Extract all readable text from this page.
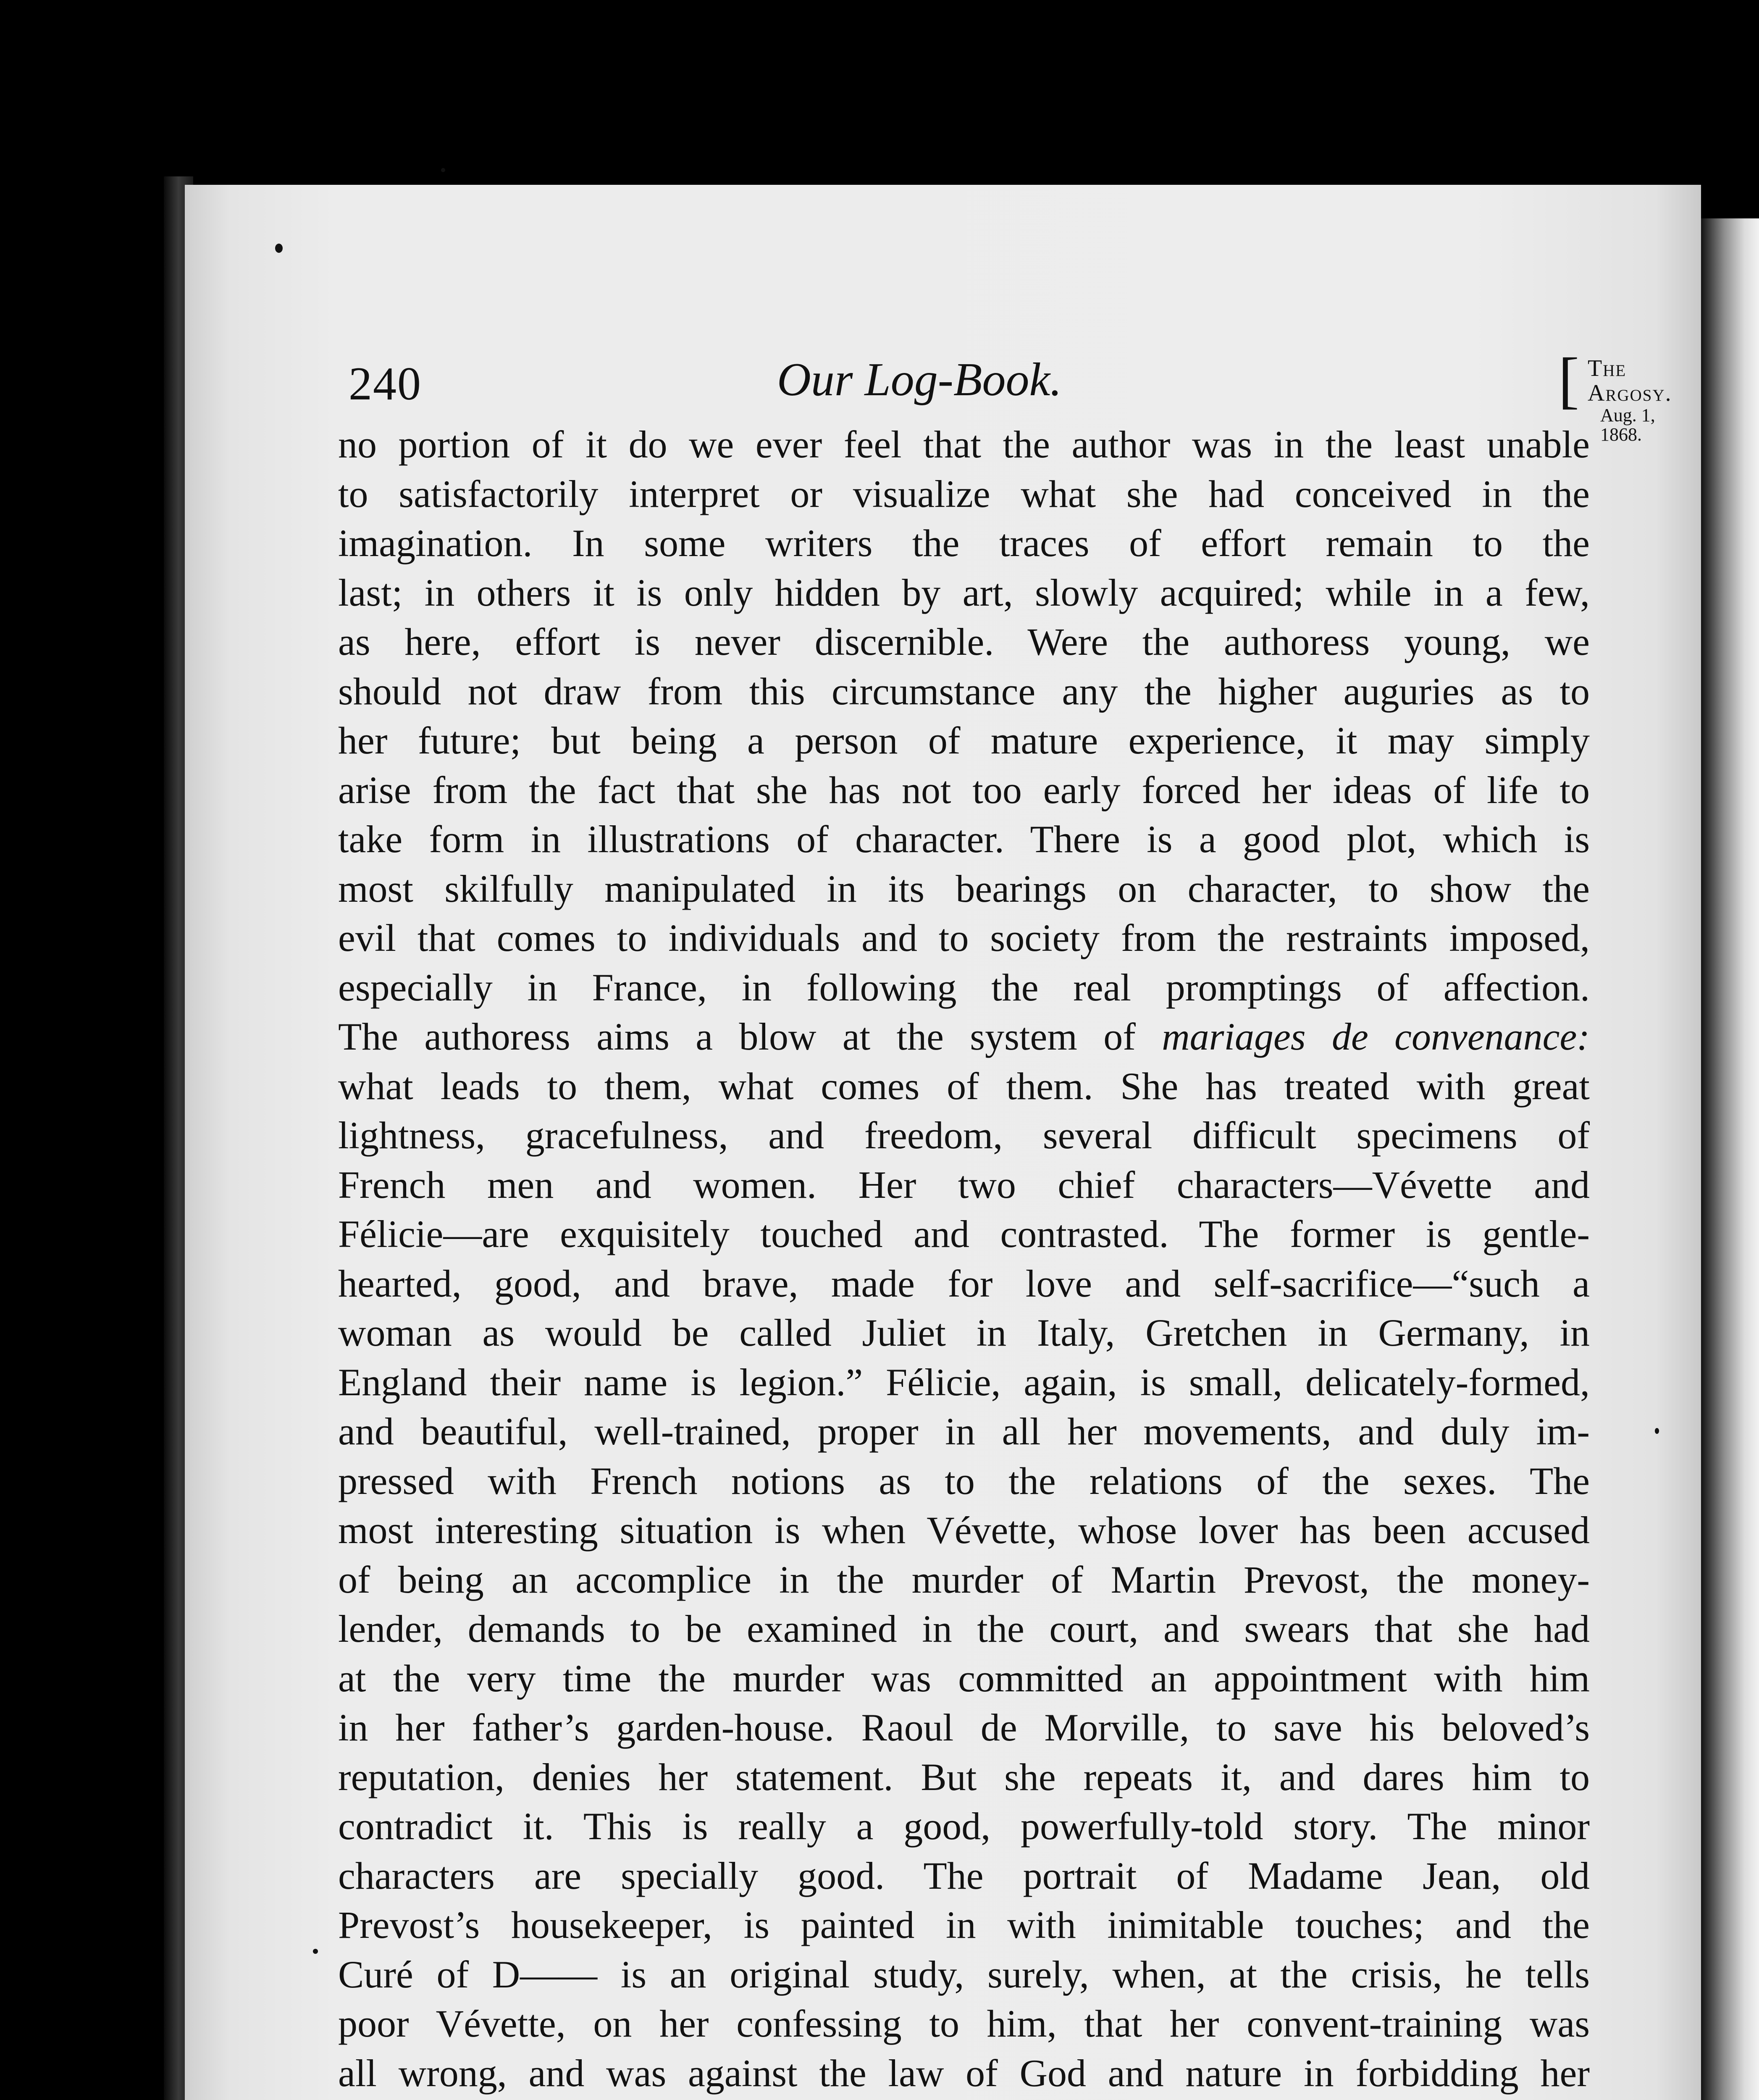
240	Our Log-Book.	[ The Argosy.
Aug. 1, 1868.
no portion of it do we ever feel that the author was in the least unable
to satisfactorily interpret or visualize what she had conceived in the
imagination. In some writers the traces of effort remain to the
last; in others it is only hidden by art, slowly acquired; while in a few,
as here, effort is never discernible. Were the authoress young, we
should not draw from this circumstance any the higher auguries as to
her future; but being a person of mature experience, it may simply
arise from the fact that she has not too early forced her ideas of life to
take form in illustrations of character. There is a good plot, which is
most skilfully manipulated in its bearings on character, to show the
evil that comes to individuals and to society from the restraints imposed,
especially in France, in following the real promptings of affection.
The authoress aims a blow at the system of mariages de convenance:
what leads to them, what comes of them. She has treated with great
lightness, gracefulness, and freedom, several difficult specimens of
French men and women. Her two chief characters—Vévette and
Félicie—are exquisitely touched and contrasted. The former is gentle-
hearted, good, and brave, made for love and self-sacrifice—“such a
woman as would be called Juliet in Italy, Gretchen in Germany, in
England their name is legion.” Félicie, again, is small, delicately-formed,
and beautiful, well-trained, proper in all her movements, and duly im-
pressed with French notions as to the relations of the sexes. The
most interesting situation is when Vévette, whose lover has been accused
of being an accomplice in the murder of Martin Prevost, the money-
lender, demands to be examined in the court, and swears that she had
at the very time the murder was committed an appointment with him
in her father’s garden-house. Raoul de Morville, to save his beloved’s
reputation, denies her statement. But she repeats it, and dares him to
contradict it. This is really a good, powerfully-told story. The minor
characters are specially good. The portrait of Madame Jean, old
Prevost’s housekeeper, is painted in with inimitable touches; and the
Curé of D—— is an original study, surely, when, at the crisis, he tells
poor Vévette, on her confessing to him, that her convent-training was
all wrong, and was against the law of God and nature in forbidding her
